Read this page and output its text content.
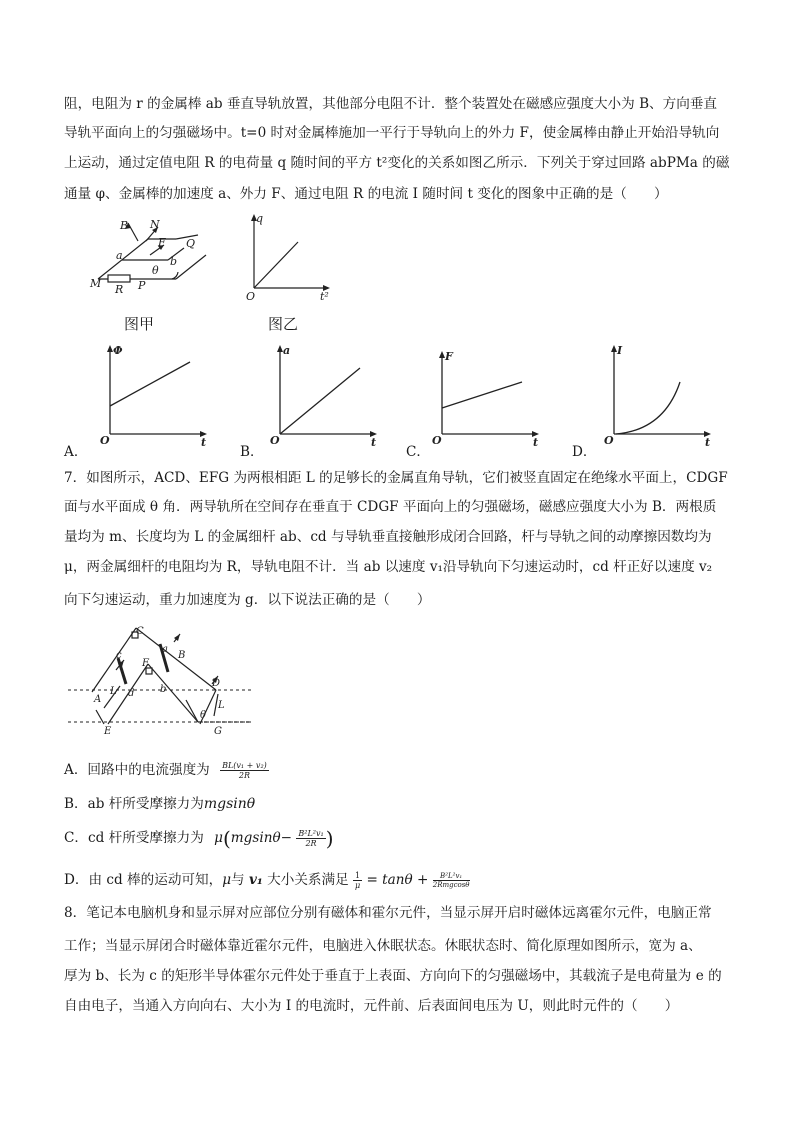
阻，电阻为 r 的金属棒 ab 垂直导轨放置，其他部分电阻不计．整个装置处在磁感应强度大小为 B、方向垂直
导轨平面向上的匀强磁场中。t=0 时对金属棒施加一平行于导轨向上的外力 F，使金属棒由静止开始沿导轨向
上运动，通过定值电阻 R 的电荷量 q 随时间的平方 t²变化的关系如图乙所示．下列关于穿过回路 abPMa 的磁
通量 φ、金属棒的加速度 a、外力 F、通过电阻 R 的电流 I 随时间 t 变化的图象中正确的是（　　）
B N
F Q
a	b
θ
M R P
图甲
q
O	t²
图乙
Φ
O	t
A．
a
O	t
B．
F
O	t
C．
I
O	t
D．
7．如图所示，ACD、EFG 为两根相距 L 的足够长的金属直角导轨，它们被竖直固定在绝缘水平面上，CDGF
面与水平面成 θ 角．两导轨所在空间存在垂直于 CDGF 平面向上的匀强磁场，磁感应强度大小为 B．两根质
量均为 m、长度均为 L 的金属细杆 ab、cd 与导轨垂直接触形成闭合回路，杆与导轨之间的动摩擦因数均为
μ，两金属细杆的电阻均为 R，导轨电阻不计．当 ab 以速度 v₁沿导轨向下匀速运动时，cd 杆正好以速度 v₂
向下匀速运动，重力加速度为 g．以下说法正确的是（　　）
C
c
F
a
B
L d	b
D
A
E
L
θ
G
A．回路中的电流强度为 $\frac{\text{BL(v₁ + v₂)}}{2R}$
B．ab 杆所受摩擦力为mgsinθ
C．cd 杆所受摩擦力为 $\mu(mgsin\theta- \frac{\text{B²L²v₁}}{2R}$ )
D．由 cd 棒的运动可知，μ与 v₁ 大小关系满足 $\frac{1}{\mu} = \tan\theta$ +	B²L²v₁
2Rmgcosθ
8．笔记本电脑机身和显示屏对应部位分别有磁体和霍尔元件，当显示屏开启时磁体远离霍尔元件，电脑正常
工作；当显示屏闭合时磁体靠近霍尔元件，电脑进入休眠状态。休眠状态时、简化原理如图所示，宽为 a、
厚为 b、长为 c 的矩形半导体霍尔元件处于垂直于上表面、方向向下的匀强磁场中，其载流子是电荷量为 e 的
自由电子，当通入方向向右、大小为 I 的电流时，元件前、后表面间电压为 U，则此时元件的（　　）
